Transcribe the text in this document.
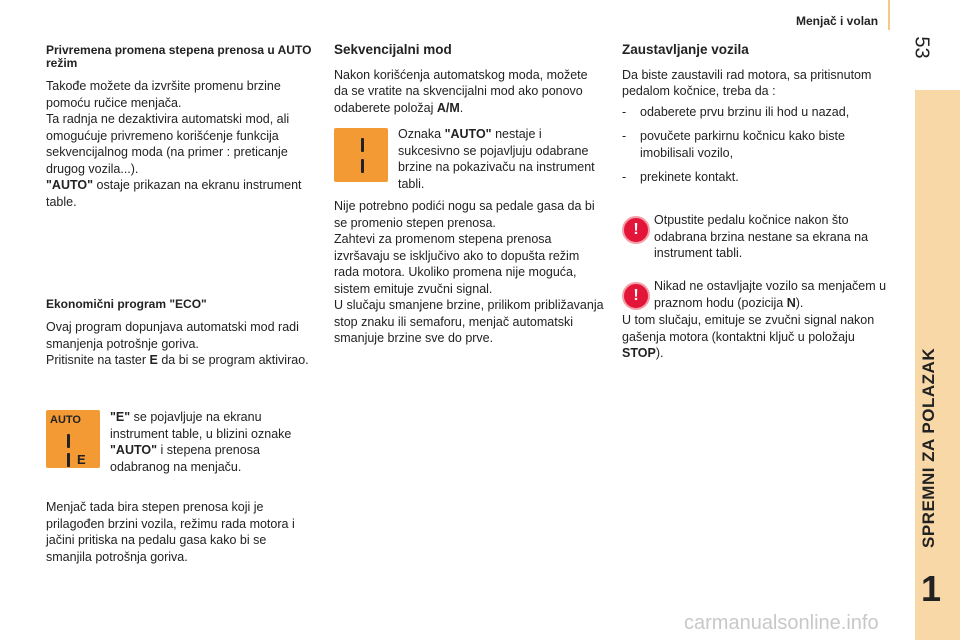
Menjač i volan
53
SPREMNI ZA POLAZAK
1
Privremena promena stepena prenosa u AUTO režim

Takođe možete da izvršite promenu brzine pomoću ručice menjača.

Ta radnja ne dezaktivira automatski mod, ali omogućuje privremeno korišćenje funkcija sekvencijalnog moda (na primer : preticanje drugog vozila...).

"AUTO" ostaje prikazan na ekranu instrument table.

Ekonomični program "ECO"

Ovaj program dopunjava automatski mod radi smanjenja potrošnje goriva.

Pritisnite na taster E da bi se program aktivirao.

AUTO
E

"E" se pojavljuje na ekranu instrument table, u blizini oznake "AUTO" i stepena prenosa odabranog na menjaču.

Menjač tada bira stepen prenosa koji je prilagođen brzini vozila, režimu rada motora i jačini pritiska na pedalu gasa kako bi se smanjila potrošnja goriva.

Sekvencijalni mod

Nakon korišćenja automatskog moda, možete da se vratite na skvencijalni mod ako ponovo odaberete položaj A/M.

Oznaka "AUTO" nestaje i sukcesivno se pojavljuju odabrane brzine na pokazivaču na instrument tabli.

Nije potrebno podići nogu sa pedale gasa da bi se promenio stepen prenosa.

Zahtevi za promenom stepena prenosa izvršavaju se isključivo ako to dopušta režim rada motora. Ukoliko promena nije moguća, sistem emituje zvučni signal.

U slučaju smanjene brzine, prilikom približavanja stop znaku ili semaforu, menjač automatski smanjuje brzine sve do prve.

Zaustavljanje vozila

Da biste zaustavili rad motora, sa pritisnutom pedalom kočnice, treba da :

-	odaberete prvu brzinu ili hod u nazad,
-	povučete parkirnu kočnicu kako biste imobilisali vozilo,
-	prekinete kontakt.
!

Otpustite pedalu kočnice nakon što odabrana brzina nestane sa ekrana na instrument tabli.

!

Nikad ne ostavljajte vozilo sa menjačem u praznom hodu (pozicija N).

U tom slučaju, emituje se zvučni signal nakon gašenja motora (kontaktni ključ u položaju STOP).

carmanualsonline.info
